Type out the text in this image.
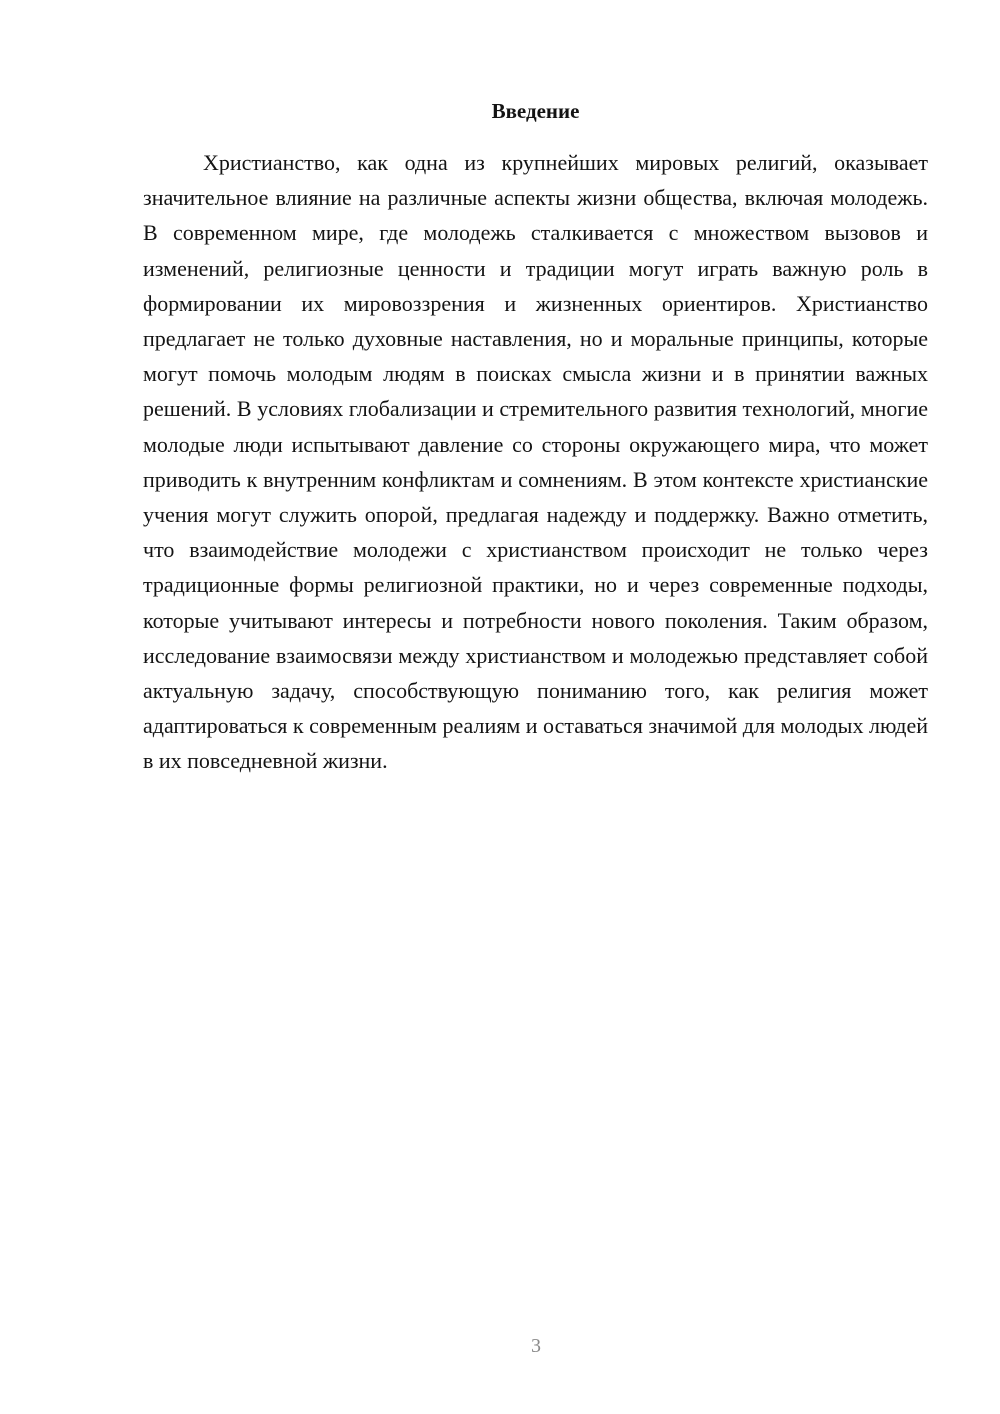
Введение

Христианство, как одна из крупнейших мировых религий, оказывает значительное влияние на различные аспекты жизни общества, включая молодежь. В современном мире, где молодежь сталкивается с множеством вызовов и изменений, религиозные ценности и традиции могут играть важную роль в формировании их мировоззрения и жизненных ориентиров. Христианство предлагает не только духовные наставления, но и моральные принципы, которые могут помочь молодым людям в поисках смысла жизни и в принятии важных решений. В условиях глобализации и стремительного развития технологий, многие молодые люди испытывают давление со стороны окружающего мира, что может приводить к внутренним конфликтам и сомнениям. В этом контексте христианские учения могут служить опорой, предлагая надежду и поддержку. Важно отметить, что взаимодействие молодежи с христианством происходит не только через традиционные формы религиозной практики, но и через современные подходы, которые учитывают интересы и потребности нового поколения. Таким образом, исследование взаимосвязи между христианством и молодежью представляет собой актуальную задачу, способствующую пониманию того, как религия может адаптироваться к современным реалиям и оставаться значимой для молодых людей в их повседневной жизни.

3
